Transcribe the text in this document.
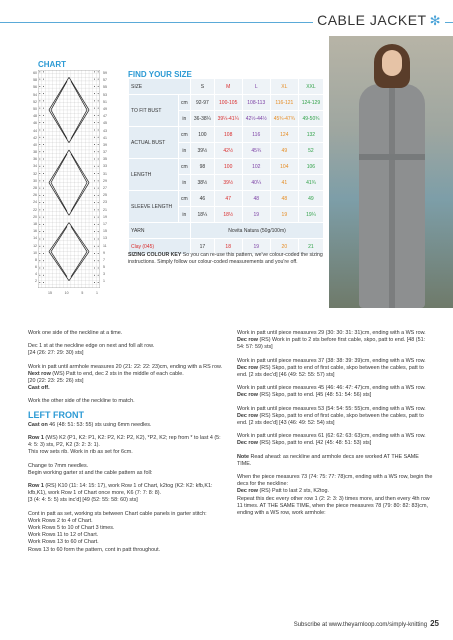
CABLE JACKET ✻
CHART
60
58
56
54
52
50
48
46
44
42
40
38
36
34
32
30
28
26
24
22
20
18
16
14
12
10
8
6
4
2
59
57
55
53
51
49
47
45
43
41
39
37
35
33
31
29
27
25
23
21
19
17
15
13
11
9
7
5
3
1
15	10	5	1
FIND YOUR SIZE
SIZE		S	M	L	XL	XXL
TO FIT BUST	cm	92-97	100-105	108-113	116-121	124-129
	in	36-38¼	39¼-41¼	42½-44½	45¾-47¾	49-50¾
ACTUAL BUST	cm	100	108	116	124	132
	in	39½	42½	45¾	49	52
LENGTH	cm	98	100	102	104	106
	in	38½	39½	40¼	41	41¾
SLEEVE LENGTH	cm	46	47	48	48	49
	in	18¼	18½	19	19	19¼
YARN		Novita Natura (50g/100m)				
Clay (045)		17	18	19	20	21
SIZING COLOUR KEY So you can re-use this pattern, we've colour-coded the sizing instructions. Simply follow our colour-coded measurements and you're off.

Work one side of the neckline at a time.

Dec 1 st at the neckline edge on next and foll alt row.

[24 (26: 27: 29: 30) sts]

Work in patt until armhole measures 20 (21: 22: 22: 23)cm, ending with a RS row.

Next row (WS) Patt to end, dec 2 sts in the middle of each cable.

[20 (22: 23: 25: 26) sts]

Cast off.

Work the other side of the neckline to match.

LEFT FRONT

Cast on 46 (48: 51: 53: 55) sts using 6mm needles.

Row 1 (WS) K2 (P1, K2: P1, K2: P2, K2: P2, K2), *P2, K2; rep from * to last 4 (5: 4: 5: 3) sts, P2, K2 (3: 2: 3: 1).

This row sets rib. Work in rib as set for 6cm.

Change to 7mm needles.

Begin working garter st and the cable pattern as foll:

Row 1 (RS) K10 (11: 14: 15: 17), work Row 1 of Chart, k2tog (K2: K2: kfb,K1: kfb,K1), work Row 1 of Chart once more, K6 (7: 7: 8: 8).

[3 (4: 4: 5: 5) sts inc'd] [49 (52: 55: 58: 60) sts]

Cont in patt as set, working sts between Chart cable panels in garter stitch:

Work Rows 2 to 4 of Chart.

Work Rows 5 to 10 of Chart 3 times.

Work Rows 11 to 12 of Chart.

Work Rows 13 to 60 of Chart.

Rows 13 to 60 form the pattern, cont in patt throughout.

Work in patt until piece measures 29 (30: 30: 31: 31)cm, ending with a WS row.

Dec row (RS) Work in patt to 2 sts before first cable, skpo, patt to end. [48 (51: 54: 57: 59) sts]

Work in patt until piece measures 37 (38: 38: 39: 39)cm, ending with a WS row.

Dec row (RS) Skpo, patt to end of first cable, skpo between the cables, patt to end. [2 sts dec'd] [46 (49: 52: 55: 57) sts]

Work in patt until piece measures 45 (46: 46: 47: 47)cm, ending with a WS row.

Dec row (RS) Skpo, patt to end. [45 (48: 51: 54: 56) sts]

Work in patt until piece measures 53 (54: 54: 55: 55)cm, ending with a WS row.

Dec row (RS) Skpo, patt to end of first cable, skpo between the cables, patt to end. [2 sts dec'd] [43 (46: 49: 52: 54) sts]

Work in patt until piece measures 61 (62: 62: 63: 63)cm, ending with a WS row.

Dec row (RS) Skpo, patt to end. [42 (45: 48: 51: 53) sts]

Note Read ahead: as neckline and armhole decs are worked AT THE SAME TIME.

When the piece measures 73 (74: 75: 77: 78)cm, ending with a WS row, begin the decs for the neckline:

Dec row (RS) Patt to last 2 sts, K2tog.

Repeat this dec every other row 1 (2: 2: 3: 3) times more, and then every 4th row 11 times. AT THE SAME TIME, when the piece measures 78 (79: 80: 82: 83)cm, ending with a WS row, work armhole:

Subscribe at www.theyarnloop.com/simply-knitting 25
